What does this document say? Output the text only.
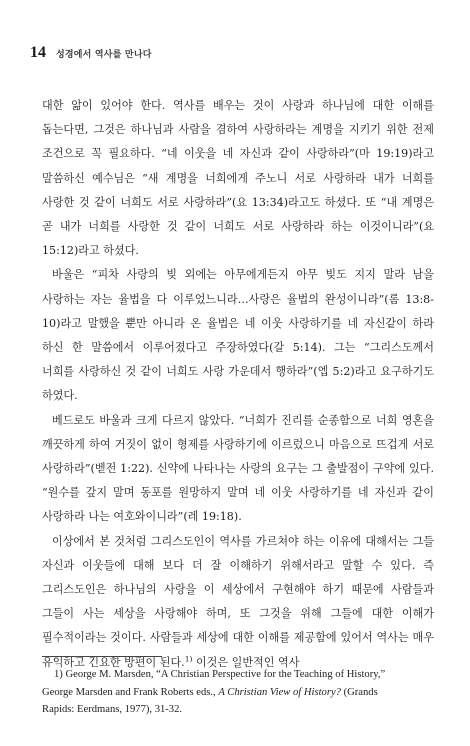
14 성경에서 역사를 만나다

대한 앎이 있어야 한다. 역사를 배우는 것이 사랑과 하나님에 대한 이해를 돕는다면, 그것은 하나님과 사람을 겸하여 사랑하라는 계명을 지키기 위한 전제 조건으로 꼭 필요하다. “네 이웃을 네 자신과 같이 사랑하라”(마 19:19)라고 말씀하신 예수님은 “새 계명을 너희에게 주노니 서로 사랑하라 내가 너희를 사랑한 것 같이 너희도 서로 사랑하라”(요 13:34)라고도 하셨다. 또 “내 계명은 곧 내가 너희를 사랑한 것 같이 너희도 서로 사랑하라 하는 이것이니라”(요 15:12)라고 하셨다.

바울은 “피차 사랑의 빚 외에는 아무에게든지 아무 빚도 지지 말라 남을 사랑하는 자는 율법을 다 이루었느니라…사랑은 율법의 완성이니라”(롬 13:8-10)라고 말했을 뿐만 아니라 온 율법은 네 이웃 사랑하기를 네 자신같이 하라 하신 한 말씀에서 이루어졌다고 주장하였다(갈 5:14). 그는 “그리스도께서 너희를 사랑하신 것 같이 너희도 사랑 가운데서 행하라”(엡 5:2)라고 요구하기도 하였다.

베드로도 바울과 크게 다르지 않았다. “너희가 진리를 순종함으로 너희 영혼을 깨끗하게 하여 거짓이 없이 형제를 사랑하기에 이르렀으니 마음으로 뜨겁게 서로 사랑하라”(벧전 1:22). 신약에 나타나는 사랑의 요구는 그 출발점이 구약에 있다. “원수를 갚지 말며 동포를 원망하지 말며 네 이웃 사랑하기를 네 자신과 같이 사랑하라 나는 여호와이니라”(레 19:18).

이상에서 본 것처럼 그리스도인이 역사를 가르쳐야 하는 이유에 대해서는 그들 자신과 이웃들에 대해 보다 더 잘 이해하기 위해서라고 말할 수 있다. 즉 그리스도인은 하나님의 사랑을 이 세상에서 구현해야 하기 때문에 사람들과 그들이 사는 세상을 사랑해야 하며, 또 그것을 위해 그들에 대한 이해가 필수적이라는 것이다. 사람들과 세상에 대한 이해를 제공함에 있어서 역사는 매우 유익하고 긴요한 방편이 된다.$^{1)}$ 이것은 일반적인 역사

1) George M. Marsden, “A Christian Perspective for the Teaching of History,”
George Marsden and Frank Roberts eds., A Christian View of History? (Grands
Rapids: Eerdmans, 1977), 31-32.
